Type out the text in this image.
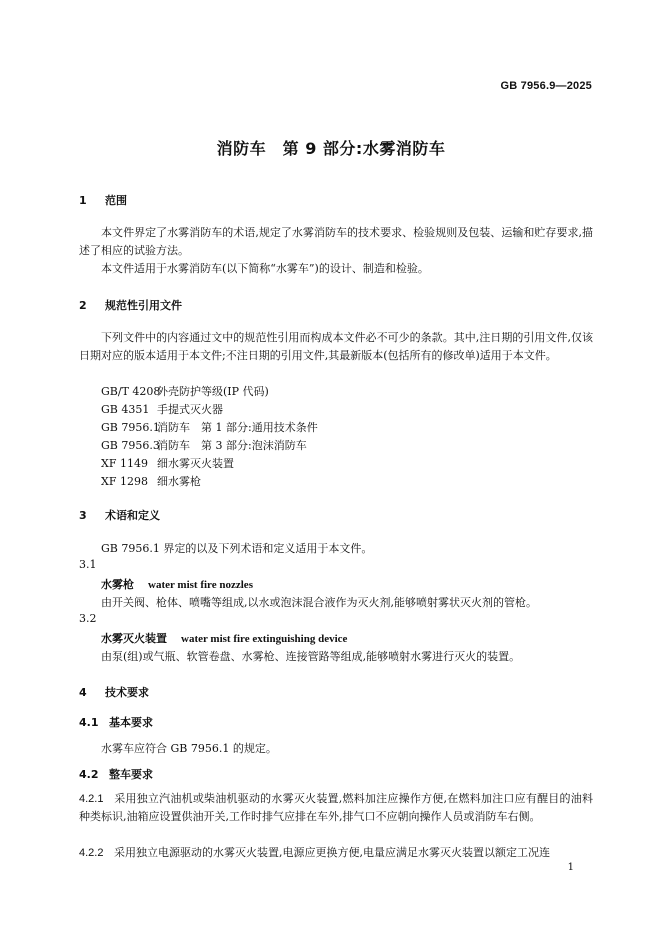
GB 7956.9—2025
消防车　第 9 部分:水雾消防车
1 范围
本文件界定了水雾消防车的术语,规定了水雾消防车的技术要求、检验规则及包装、运输和贮存要求,描述了相应的试验方法。
本文件适用于水雾消防车(以下简称“水雾车”)的设计、制造和检验。
2 规范性引用文件
下列文件中的内容通过文中的规范性引用而构成本文件必不可少的条款。其中,注日期的引用文件,仅该日期对应的版本适用于本文件;不注日期的引用文件,其最新版本(包括所有的修改单)适用于本文件。
GB/T 4208外壳防护等级(IP 代码)
GB 4351 手提式灭火器
GB 7956.1消防车　第 1 部分:通用技术条件
GB 7956.3消防车　第 3 部分:泡沫消防车
XF 1149 细水雾灭火装置
XF 1298 细水雾枪
3 术语和定义
GB 7956.1 界定的以及下列术语和定义适用于本文件。
3.1
水雾枪 water mist fire nozzles
由开关阀、枪体、喷嘴等组成,以水或泡沫混合液作为灭火剂,能够喷射雾状灭火剂的管枪。
3.2
水雾灭火装置 water mist fire extinguishing device
由泵(组)或气瓶、软管卷盘、水雾枪、连接管路等组成,能够喷射水雾进行灭火的装置。
4 技术要求
4.1 基本要求
水雾车应符合 GB 7956.1 的规定。
4.2 整车要求
4.2.1 采用独立汽油机或柴油机驱动的水雾灭火装置,燃料加注应操作方便,在燃料加注口应有醒目的油料种类标识,油箱应设置供油开关,工作时排气应排在车外,排气口不应朝向操作人员或消防车右侧。
4.2.2 采用独立电源驱动的水雾灭火装置,电源应更换方便,电量应满足水雾灭火装置以额定工况连
1
